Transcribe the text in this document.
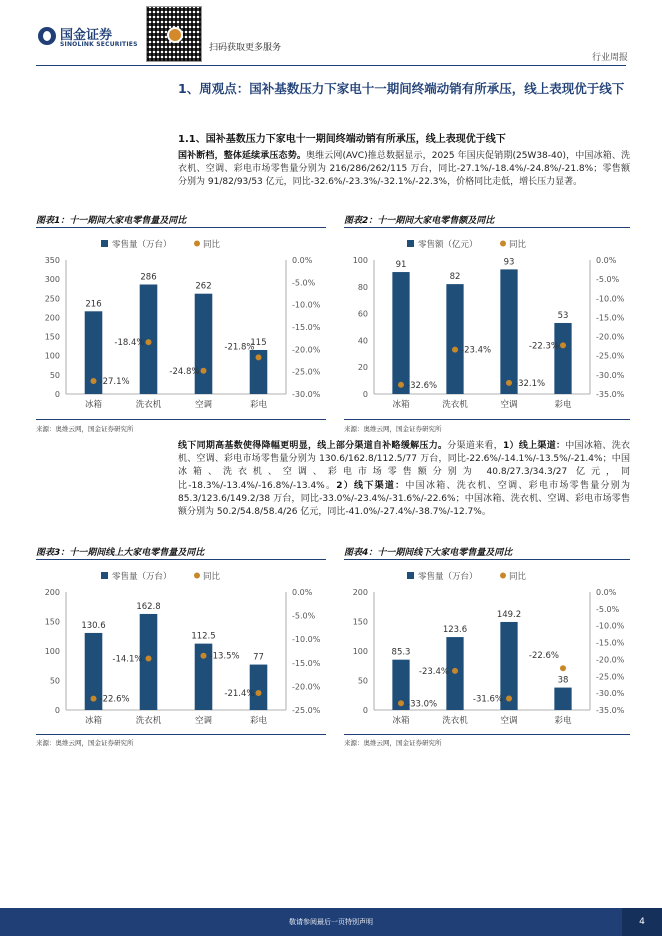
国金证券
SINOLINK SECURITIES	扫码获取更多服务
行业周报
1、周观点：国补基数压力下家电十一期间终端动销有所承压，线上表现优于线下
1.1、国补基数压力下家电十一期间终端动销有所承压，线上表现优于线下
国补断档，整体延续承压态势。奥维云网(AVC)推总数据显示，2025 年国庆促销期(25W38-40)，中国冰箱、洗衣机、空调、彩电市场零售量分别为 216/286/262/115 万台，同比-27.1%/-18.4%/-24.8%/-21.8%；零售额分别为 91/82/93/53 亿元，同比-32.6%/-23.3%/-32.1%/-22.3%，价格同比走低，增长压力显著。
图表1：十一期间大家电零售量及同比
零售量（万台）	同比
350
300
250
200
150
100
50
0
0.0%
-5.0%
-10.0%
-15.0%
-20.0%
-25.0%
-30.0%
216
冰箱
-27.1%
286
洗衣机
-18.4%
262
空调
-24.8%
115
彩电
-21.8%
来源：奥维云网，国金证券研究所
图表2：十一期间大家电零售额及同比
零售额（亿元）	同比
100
80
60
40
20
0
0.0%
-5.0%
-10.0%
-15.0%
-20.0%
-25.0%
-30.0%
-35.0%
91
冰箱
-32.6%
82
洗衣机
-23.4%
93
空调
-32.1%
53
彩电
-22.3%
来源：奥维云网，国金证券研究所
线下同期高基数使得降幅更明显，线上部分渠道自补略缓解压力。分渠道来看，1）线上渠道：中国冰箱、洗衣机、空调、彩电市场零售量分别为 130.6/162.8/112.5/77 万台，同比-22.6%/-14.1%/-13.5%/-21.4%；中国冰箱、洗衣机、空调、彩电市场零售额分别为 40.8/27.3/34.3/27 亿元，同比-18.3%/-13.4%/-16.8%/-13.4%。2）线下渠道：中国冰箱、洗衣机、空调、彩电市场零售量分别为 85.3/123.6/149.2/38 万台，同比-33.0%/-23.4%/-31.6%/-22.6%；中国冰箱、洗衣机、空调、彩电市场零售额分别为 50.2/54.8/58.4/26 亿元，同比-41.0%/-27.4%/-38.7%/-12.7%。
图表3：十一期间线上大家电零售量及同比
零售量（万台）	同比
200
150
100
50
0
0.0%
-5.0%
-10.0%
-15.0%
-20.0%
-25.0%
130.6
冰箱
-22.6%
162.8
洗衣机
-14.1%
112.5
空调
-13.5% 77
彩电
-21.4%
来源：奥维云网，国金证券研究所
图表4：十一期间线下大家电零售量及同比
零售量（万台）	同比
200
150
100
50
0
0.0%
-5.0%
-10.0%
-15.0%
-20.0%
-25.0%
-30.0%
-35.0%
85.3
冰箱
-33.0%
123.6
洗衣机
-23.4%
149.2
空调
-31.6%
38
彩电
-22.6%
来源：奥维云网，国金证券研究所
敬请参阅最后一页特别声明	4
